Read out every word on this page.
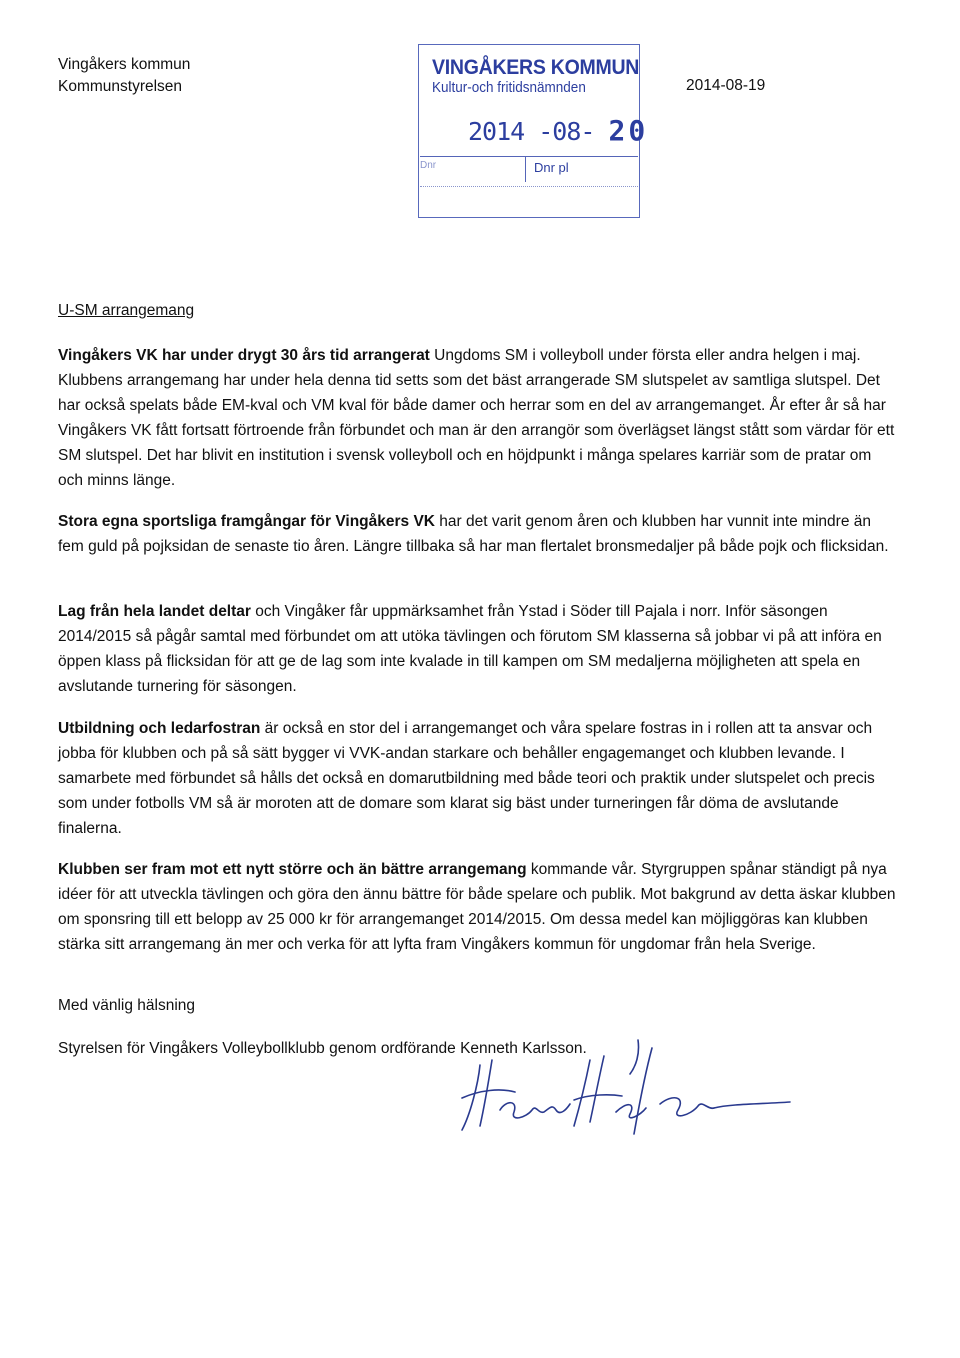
Vingåkers kommun
Kommunstyrelsen
VINGÅKERS KOMMUN
Kultur-och fritidsnämnden
2014 -08- 20
Dnr	Dnr pl
2014-08-19
U-SM arrangemang
Vingåkers VK har under drygt 30 års tid arrangerat Ungdoms SM i volleyboll under första eller andra helgen i maj. Klubbens arrangemang har under hela denna tid setts som det bäst arrangerade SM slutspelet av samtliga slutspel. Det har också spelats både EM-kval och VM kval för både damer och herrar som en del av arrangemanget. År efter år så har Vingåkers VK fått fortsatt förtroende från förbundet och man är den arrangör som överlägset längst stått som värdar för ett SM slutspel. Det har blivit en institution i svensk volleyboll och en höjdpunkt i många spelares karriär som de pratar om och minns länge.
Stora egna sportsliga framgångar för Vingåkers VK har det varit genom åren och klubben har vunnit inte mindre än fem guld på pojksidan de senaste tio åren. Längre tillbaka så har man flertalet bronsmedaljer på både pojk och flicksidan.
Lag från hela landet deltar och Vingåker får uppmärksamhet från Ystad i Söder till Pajala i norr. Inför säsongen 2014/2015 så pågår samtal med förbundet om att utöka tävlingen och förutom SM klasserna så jobbar vi på att införa en öppen klass på flicksidan för att ge de lag som inte kvalade in till kampen om SM medaljerna möjligheten att spela en avslutande turnering för säsongen.
Utbildning och ledarfostran är också en stor del i arrangemanget och våra spelare fostras in i rollen att ta ansvar och jobba för klubben och på så sätt bygger vi VVK-andan starkare och behåller engagemanget och klubben levande. I samarbete med förbundet så hålls det också en domarutbildning med både teori och praktik under slutspelet och precis som under fotbolls VM så är moroten att de domare som klarat sig bäst under turneringen får döma de avslutande finalerna.
Klubben ser fram mot ett nytt större och än bättre arrangemang kommande vår. Styrgruppen spånar ständigt på nya idéer för att utveckla tävlingen och göra den ännu bättre för både spelare och publik. Mot bakgrund av detta äskar klubben om sponsring till ett belopp av 25 000 kr för arrangemanget 2014/2015. Om dessa medel kan möjliggöras kan klubben stärka sitt arrangemang än mer och verka för att lyfta fram Vingåkers kommun för ungdomar från hela Sverige.
Med vänlig hälsning
Styrelsen för Vingåkers Volleybollklubb genom ordförande Kenneth Karlsson.
